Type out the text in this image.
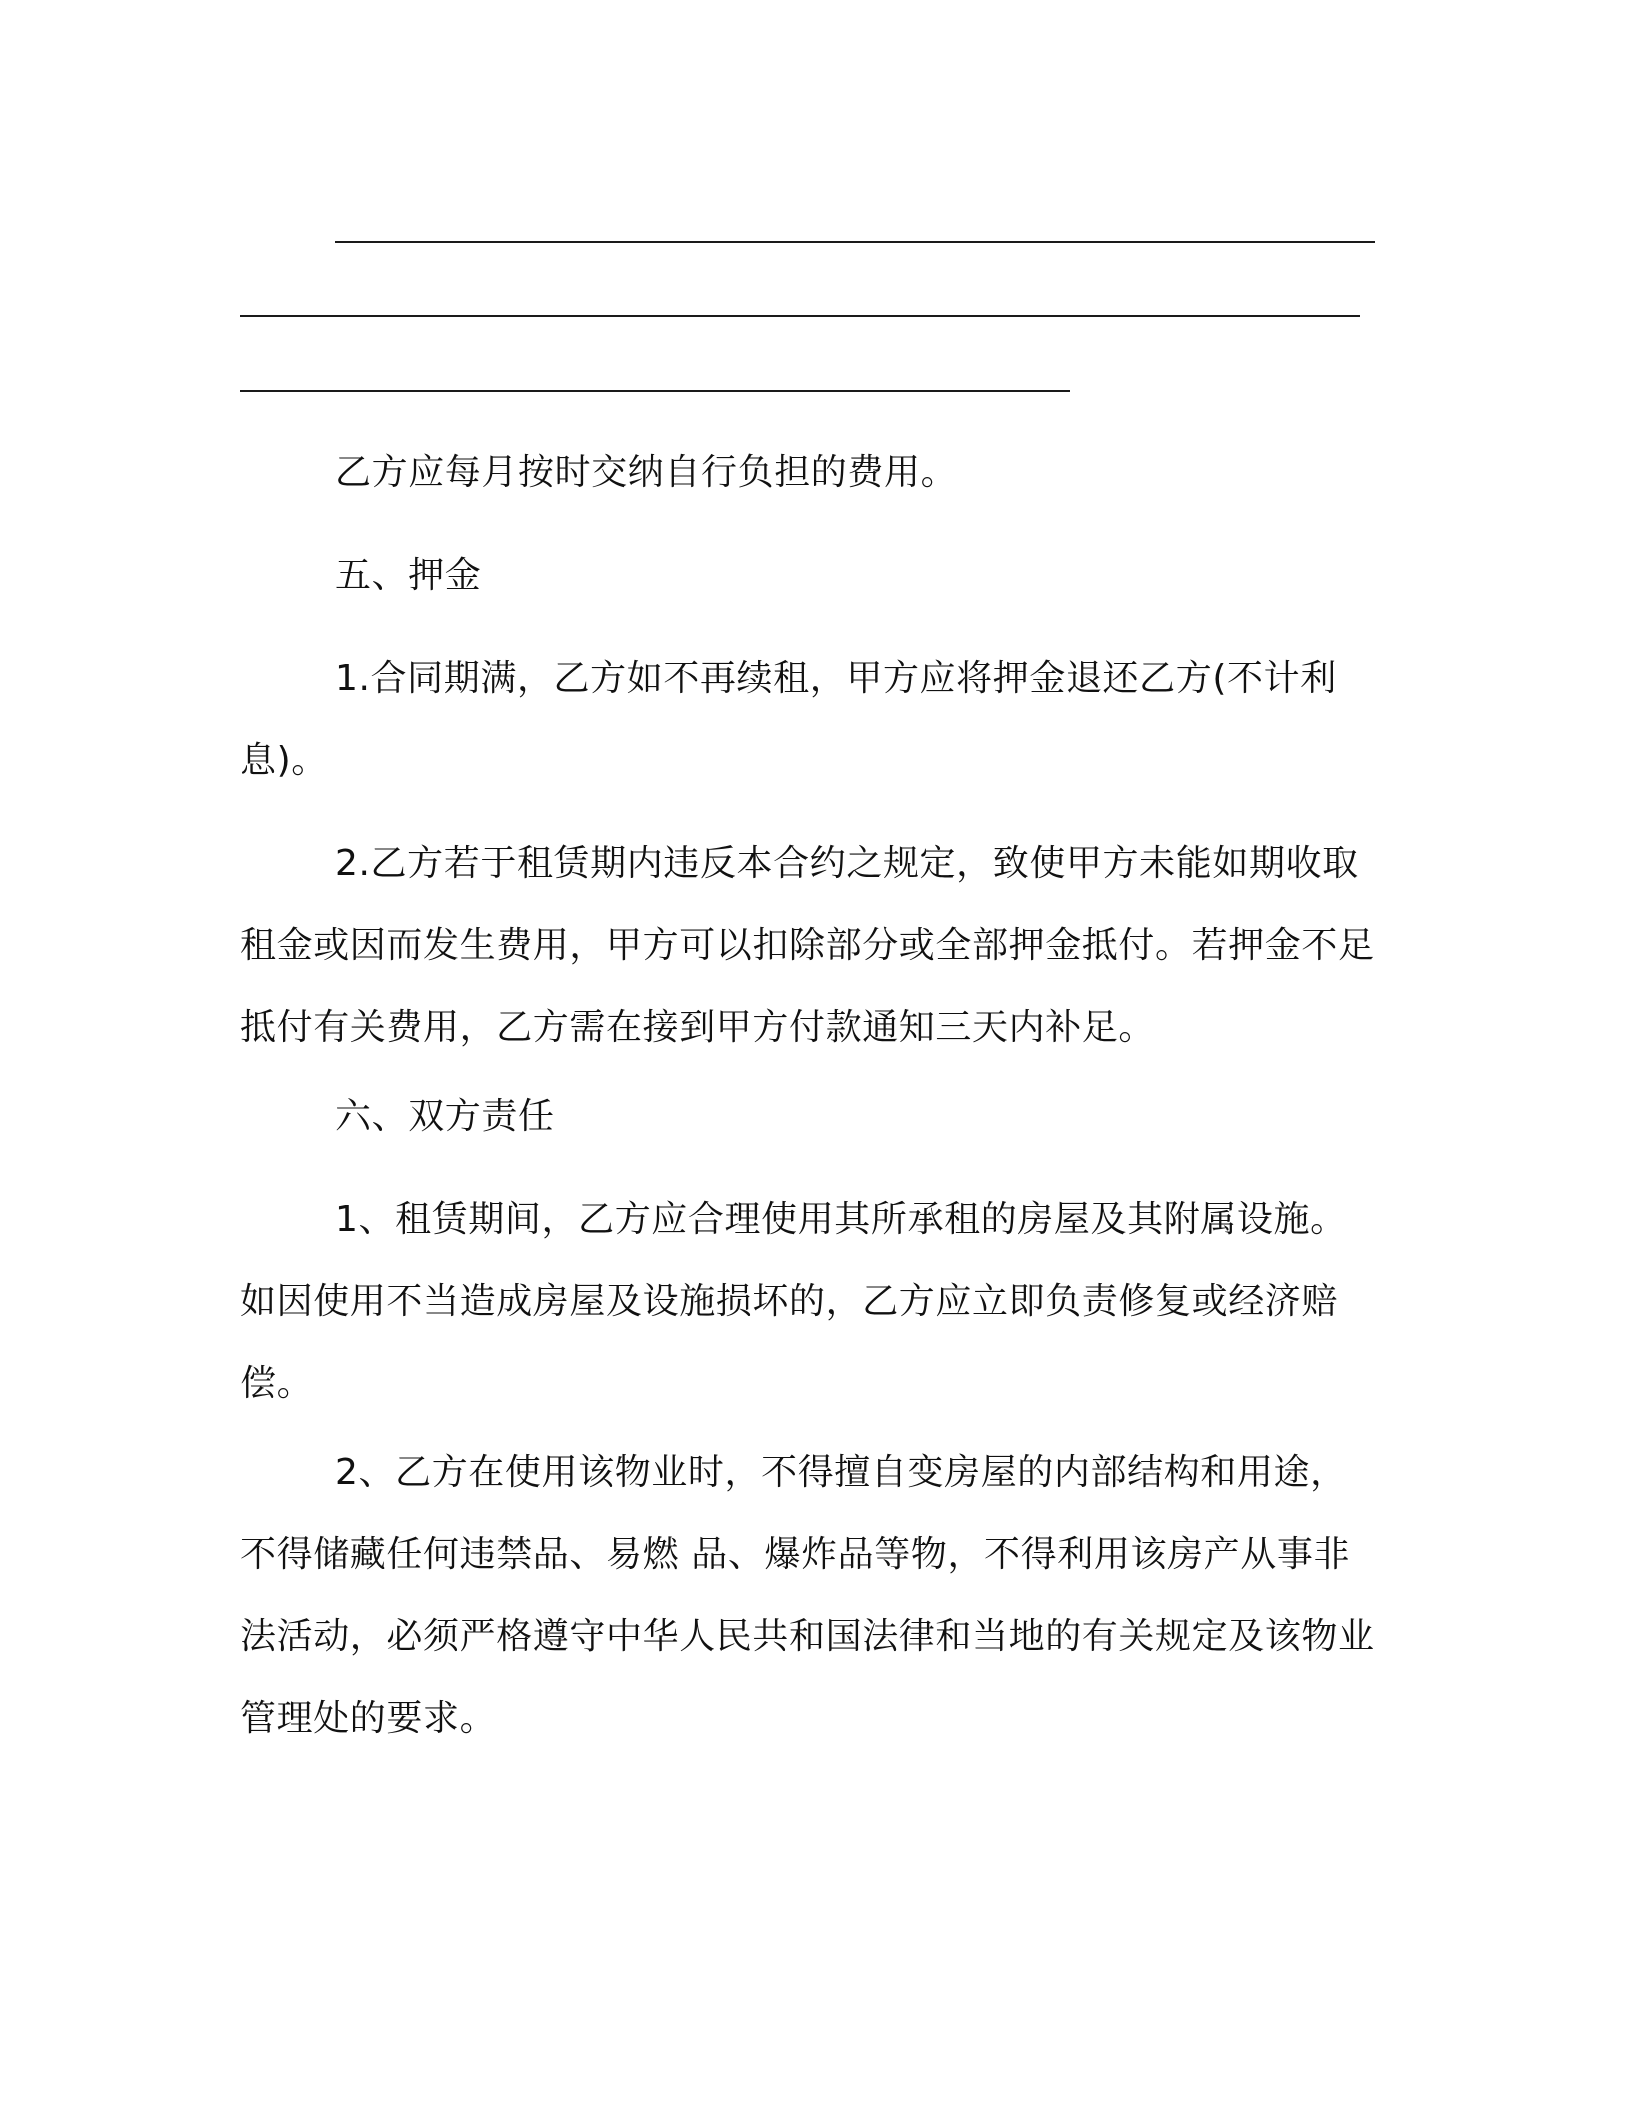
乙方应每月按时交纳自行负担的费用。

五、押金

1.合同期满，乙方如不再续租，甲方应将押金退还乙方(不计利息)。

2.乙方若于租赁期内违反本合约之规定，致使甲方未能如期收取租金或因而发生费用，甲方可以扣除部分或全部押金抵付。若押金不足抵付有关费用，乙方需在接到甲方付款通知三天内补足。

六、双方责任

1、租赁期间，乙方应合理使用其所承租的房屋及其附属设施。如因使用不当造成房屋及设施损坏的，乙方应立即负责修复或经济赔偿。

2、乙方在使用该物业时，不得擅自变房屋的内部结构和用途，不得储藏任何违禁品、易燃 品、爆炸品等物，不得利用该房产从事非法活动，必须严格遵守中华人民共和国法律和当地的有关规定及该物业管理处的要求。
